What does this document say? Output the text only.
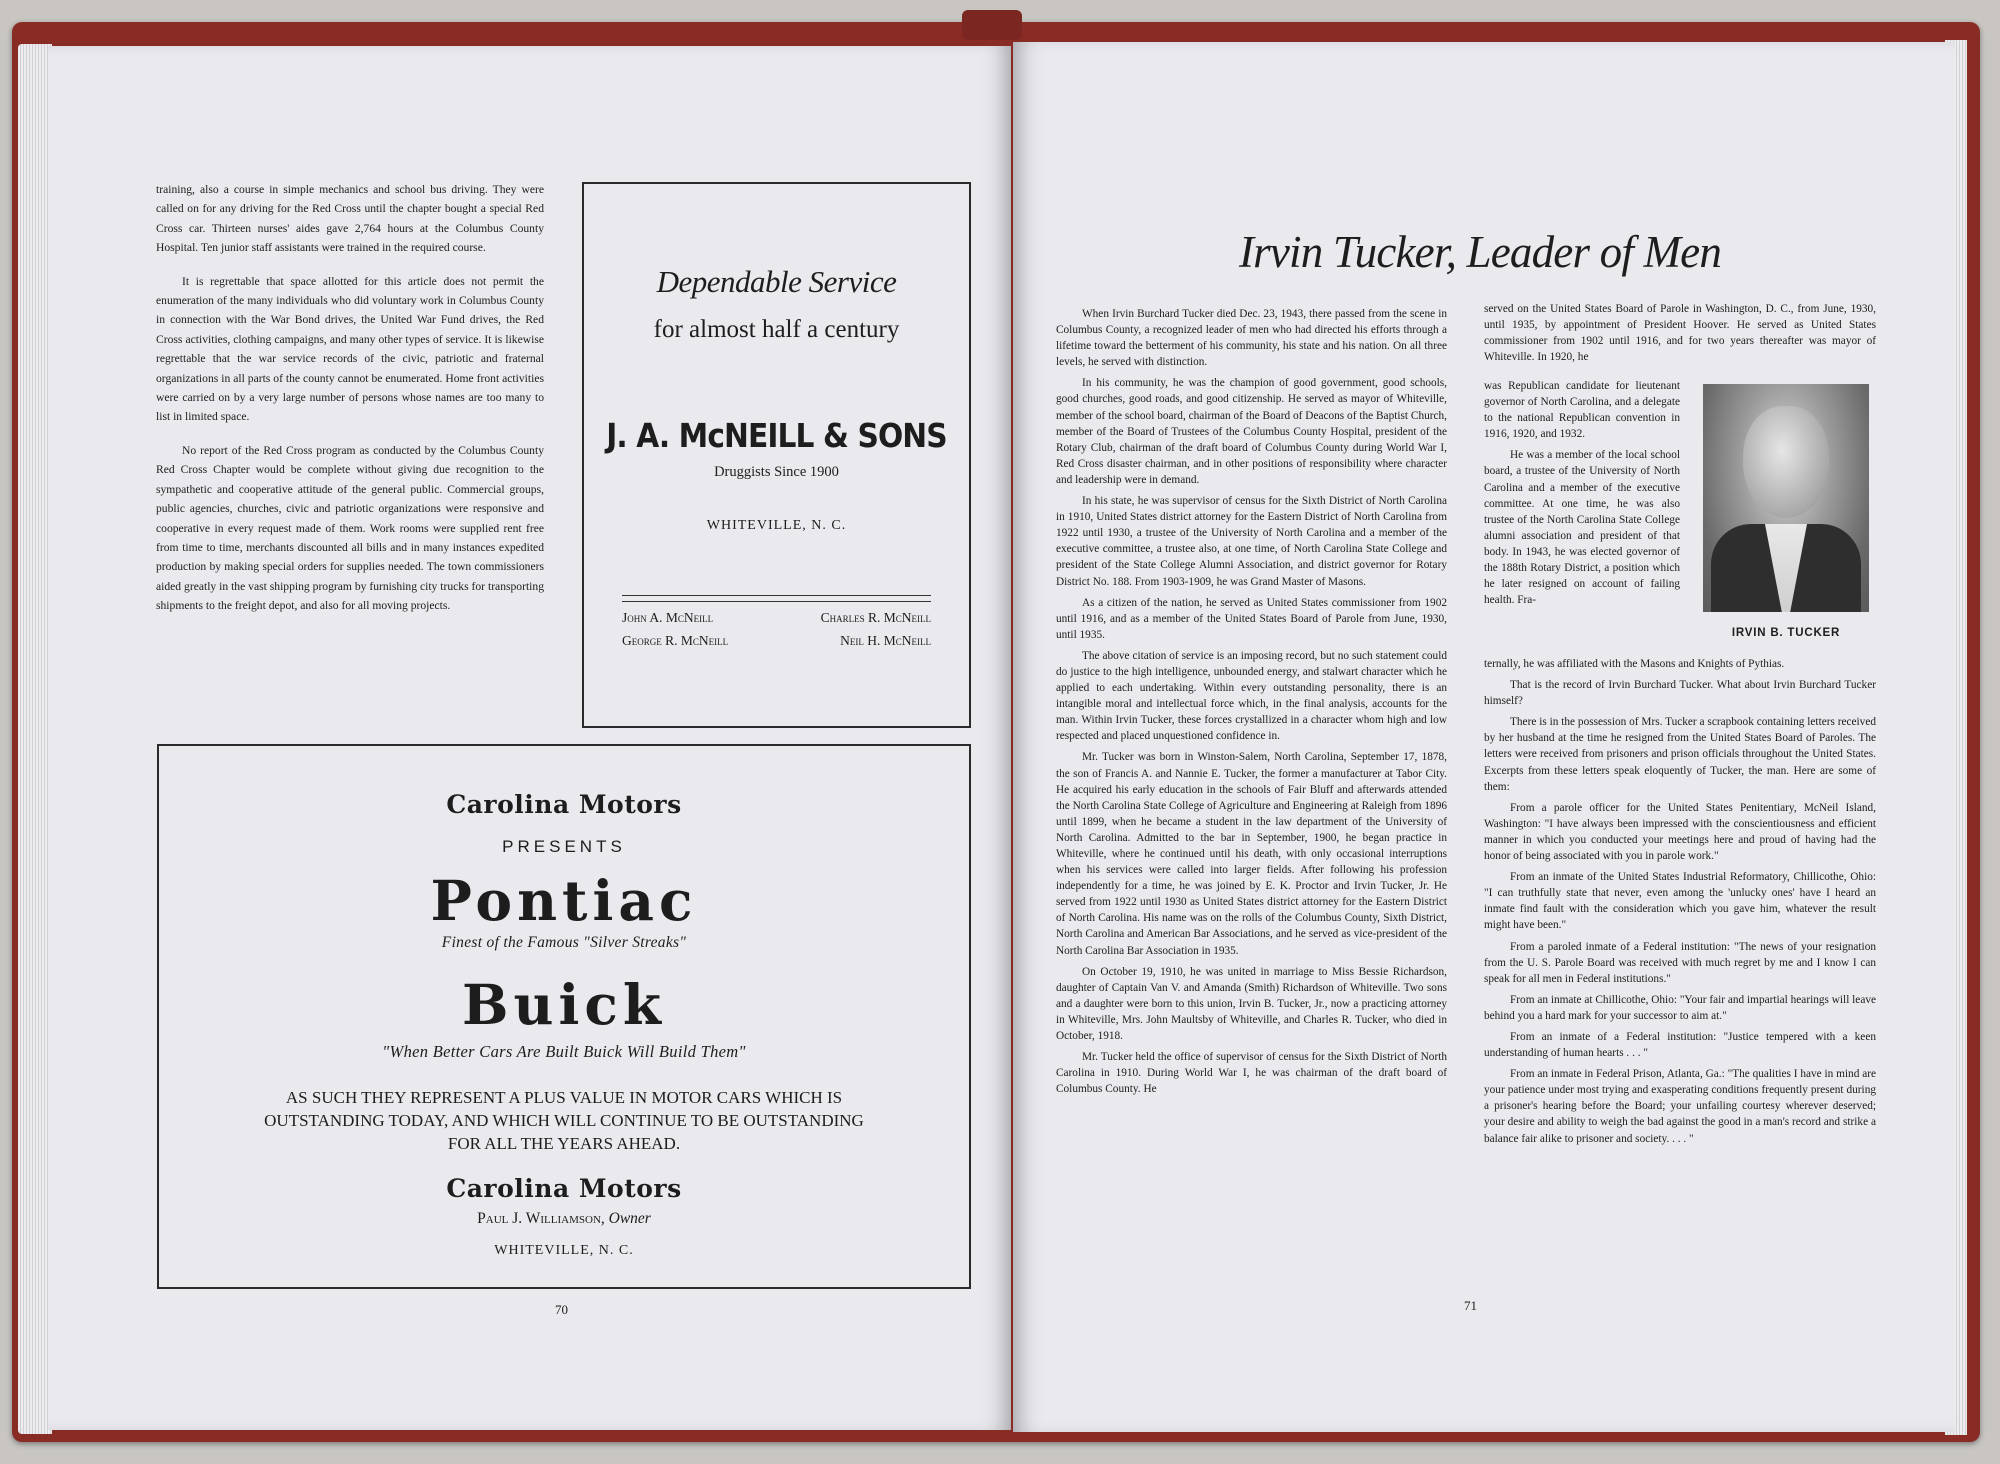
training, also a course in simple mechanics and school bus driving. They were called on for any driving for the Red Cross until the chapter bought a special Red Cross car. Thirteen nurses' aides gave 2,764 hours at the Columbus County Hospital. Ten junior staff assistants were trained in the required course.

It is regrettable that space allotted for this article does not permit the enumeration of the many individuals who did voluntary work in Columbus County in connection with the War Bond drives, the United War Fund drives, the Red Cross activities, clothing campaigns, and many other types of service. It is likewise regrettable that the war service records of the civic, patriotic and fraternal organizations in all parts of the county cannot be enumerated. Home front activities were carried on by a very large number of persons whose names are too many to list in limited space.

No report of the Red Cross program as conducted by the Columbus County Red Cross Chapter would be complete without giving due recognition to the sympathetic and cooperative attitude of the general public. Commercial groups, public agencies, churches, civic and patriotic organizations were responsive and cooperative in every request made of them. Work rooms were supplied rent free from time to time, merchants discounted all bills and in many instances expedited production by making special orders for supplies needed. The town commissioners aided greatly in the vast shipping program by furnishing city trucks for transporting shipments to the freight depot, and also for all moving projects.

Dependable Service
for almost half a century
J. A. McNEILL & SONS
Druggists Since 1900
WHITEVILLE, N. C.
John A. McNeill	Charles R. McNeill
George R. McNeill	Neil H. McNeill
Carolina Motors
PRESENTS
Pontiac
Finest of the Famous "Silver Streaks"
Buick
"When Better Cars Are Built Buick Will Build Them"
AS SUCH THEY REPRESENT A PLUS VALUE IN MOTOR CARS WHICH IS OUTSTANDING TODAY, AND WHICH WILL CONTINUE TO BE OUTSTANDING FOR ALL THE YEARS AHEAD.
Carolina Motors
Paul J. Williamson, Owner
WHITEVILLE, N. C.
70
Irvin Tucker, Leader of Men

When Irvin Burchard Tucker died Dec. 23, 1943, there passed from the scene in Columbus County, a recognized leader of men who had directed his efforts through a lifetime toward the betterment of his community, his state and his nation. On all three levels, he served with distinction.

In his community, he was the champion of good government, good schools, good churches, good roads, and good citizenship. He served as mayor of Whiteville, member of the school board, chairman of the Board of Deacons of the Baptist Church, member of the Board of Trustees of the Columbus County Hospital, president of the Rotary Club, chairman of the draft board of Columbus County during World War I, Red Cross disaster chairman, and in other positions of responsibility where character and leadership were in demand.

In his state, he was supervisor of census for the Sixth District of North Carolina in 1910, United States district attorney for the Eastern District of North Carolina from 1922 until 1930, a trustee of the University of North Carolina and a member of the executive committee, a trustee also, at one time, of North Carolina State College and president of the State College Alumni Association, and district governor for Rotary District No. 188. From 1903-1909, he was Grand Master of Masons.

As a citizen of the nation, he served as United States commissioner from 1902 until 1916, and as a member of the United States Board of Parole from June, 1930, until 1935.

The above citation of service is an imposing record, but no such statement could do justice to the high intelligence, unbounded energy, and stalwart character which he applied to each undertaking. Within every outstanding personality, there is an intangible moral and intellectual force which, in the final analysis, accounts for the man. Within Irvin Tucker, these forces crystallized in a character whom high and low respected and placed unquestioned confidence in.

Mr. Tucker was born in Winston-Salem, North Carolina, September 17, 1878, the son of Francis A. and Nannie E. Tucker, the former a manufacturer at Tabor City. He acquired his early education in the schools of Fair Bluff and afterwards attended the North Carolina State College of Agriculture and Engineering at Raleigh from 1896 until 1899, when he became a student in the law department of the University of North Carolina. Admitted to the bar in September, 1900, he began practice in Whiteville, where he continued until his death, with only occasional interruptions when his services were called into larger fields. After following his profession independently for a time, he was joined by E. K. Proctor and Irvin Tucker, Jr. He served from 1922 until 1930 as United States district attorney for the Eastern District of North Carolina. His name was on the rolls of the Columbus County, Sixth District, North Carolina and American Bar Associations, and he served as vice-president of the North Carolina Bar Association in 1935.

On October 19, 1910, he was united in marriage to Miss Bessie Richardson, daughter of Captain Van V. and Amanda (Smith) Richardson of Whiteville. Two sons and a daughter were born to this union, Irvin B. Tucker, Jr., now a practicing attorney in Whiteville, Mrs. John Maultsby of Whiteville, and Charles R. Tucker, who died in October, 1918.

Mr. Tucker held the office of supervisor of census for the Sixth District of North Carolina in 1910. During World War I, he was chairman of the draft board of Columbus County. He

served on the United States Board of Parole in Washington, D. C., from June, 1930, until 1935, by appointment of President Hoover. He served as United States commissioner from 1902 until 1916, and for two years thereafter was mayor of Whiteville. In 1920, he

was Republican candidate for lieutenant governor of North Carolina, and a delegate to the national Republican convention in 1916, 1920, and 1932.

He was a member of the local school board, a trustee of the University of North Carolina and a member of the executive committee. At one time, he was also trustee of the North Carolina State College alumni association and president of that body. In 1943, he was elected governor of the 188th Rotary District, a position which he later resigned on account of failing health. Fra-

IRVIN B. TUCKER

ternally, he was affiliated with the Masons and Knights of Pythias.

That is the record of Irvin Burchard Tucker. What about Irvin Burchard Tucker himself?

There is in the possession of Mrs. Tucker a scrapbook containing letters received by her husband at the time he resigned from the United States Board of Paroles. The letters were received from prisoners and prison officials throughout the United States. Excerpts from these letters speak eloquently of Tucker, the man. Here are some of them:

From a parole officer for the United States Penitentiary, McNeil Island, Washington: "I have always been impressed with the conscientiousness and efficient manner in which you conducted your meetings here and proud of having had the honor of being associated with you in parole work."

From an inmate of the United States Industrial Reformatory, Chillicothe, Ohio: "I can truthfully state that never, even among the 'unlucky ones' have I heard an inmate find fault with the consideration which you gave him, whatever the result might have been."

From a paroled inmate of a Federal institution: "The news of your resignation from the U. S. Parole Board was received with much regret by me and I know I can speak for all men in Federal institutions."

From an inmate at Chillicothe, Ohio: "Your fair and impartial hearings will leave behind you a hard mark for your successor to aim at."

From an inmate of a Federal institution: "Justice tempered with a keen understanding of human hearts . . . "

From an inmate in Federal Prison, Atlanta, Ga.: "The qualities I have in mind are your patience under most trying and exasperating conditions frequently present during a prisoner's hearing before the Board; your unfailing courtesy wherever deserved; your desire and ability to weigh the bad against the good in a man's record and strike a balance fair alike to prisoner and society. . . . "

71
